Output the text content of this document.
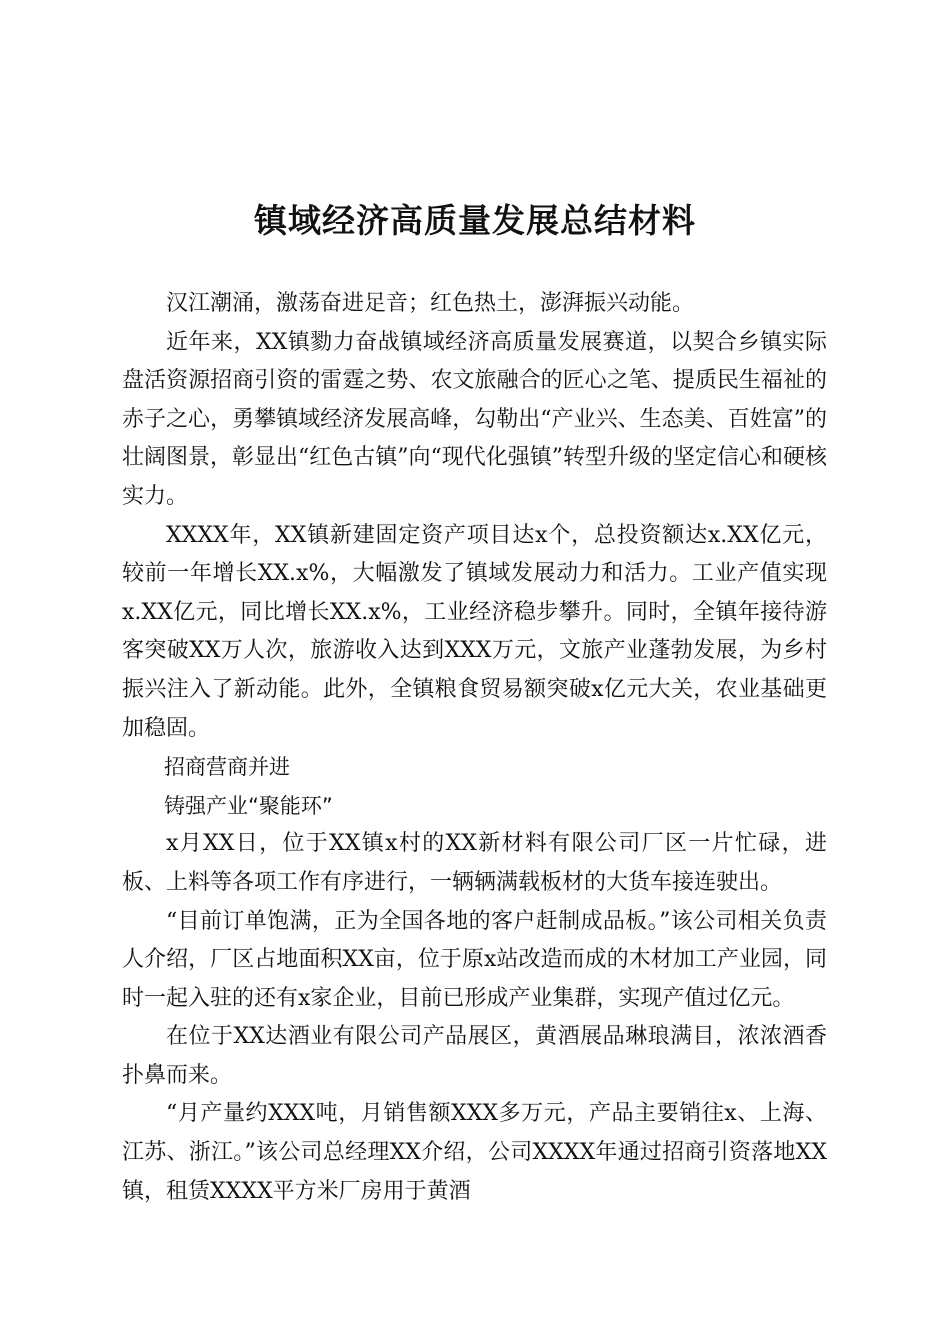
镇域经济高质量发展总结材料

汉江潮涌，激荡奋进足音；红色热土，澎湃振兴动能。

近年来，XX镇勠力奋战镇域经济高质量发展赛道，以契合乡镇实际盘活资源招商引资的雷霆之势、农文旅融合的匠心之笔、提质民生福祉的赤子之心，勇攀镇域经济发展高峰，勾勒出“产业兴、生态美、百姓富”的壮阔图景，彰显出“红色古镇”向“现代化强镇”转型升级的坚定信心和硬核实力。

XXXX年，XX镇新建固定资产项目达x个，总投资额达x.XX亿元，较前一年增长XX.x%，大幅激发了镇域发展动力和活力。工业产值实现x.XX亿元，同比增长XX.x%，工业经济稳步攀升。同时，全镇年接待游客突破XX万人次，旅游收入达到XXX万元，文旅产业蓬勃发展，为乡村振兴注入了新动能。此外，全镇粮食贸易额突破x亿元大关，农业基础更加稳固。

招商营商并进

铸强产业“聚能环”

x月XX日，位于XX镇x村的XX新材料有限公司厂区一片忙碌，进板、上料等各项工作有序进行，一辆辆满载板材的大货车接连驶出。

“目前订单饱满，正为全国各地的客户赶制成品板。”该公司相关负责人介绍，厂区占地面积XX亩，位于原x站改造而成的木材加工产业园，同时一起入驻的还有x家企业，目前已形成产业集群，实现产值过亿元。

在位于XX达酒业有限公司产品展区，黄酒展品琳琅满目，浓浓酒香扑鼻而来。

“月产量约XXX吨，月销售额XXX多万元，产品主要销往x、上海、江苏、浙江。”该公司总经理XX介绍，公司XXXX年通过招商引资落地XX镇，租赁XXXX平方米厂房用于黄酒
